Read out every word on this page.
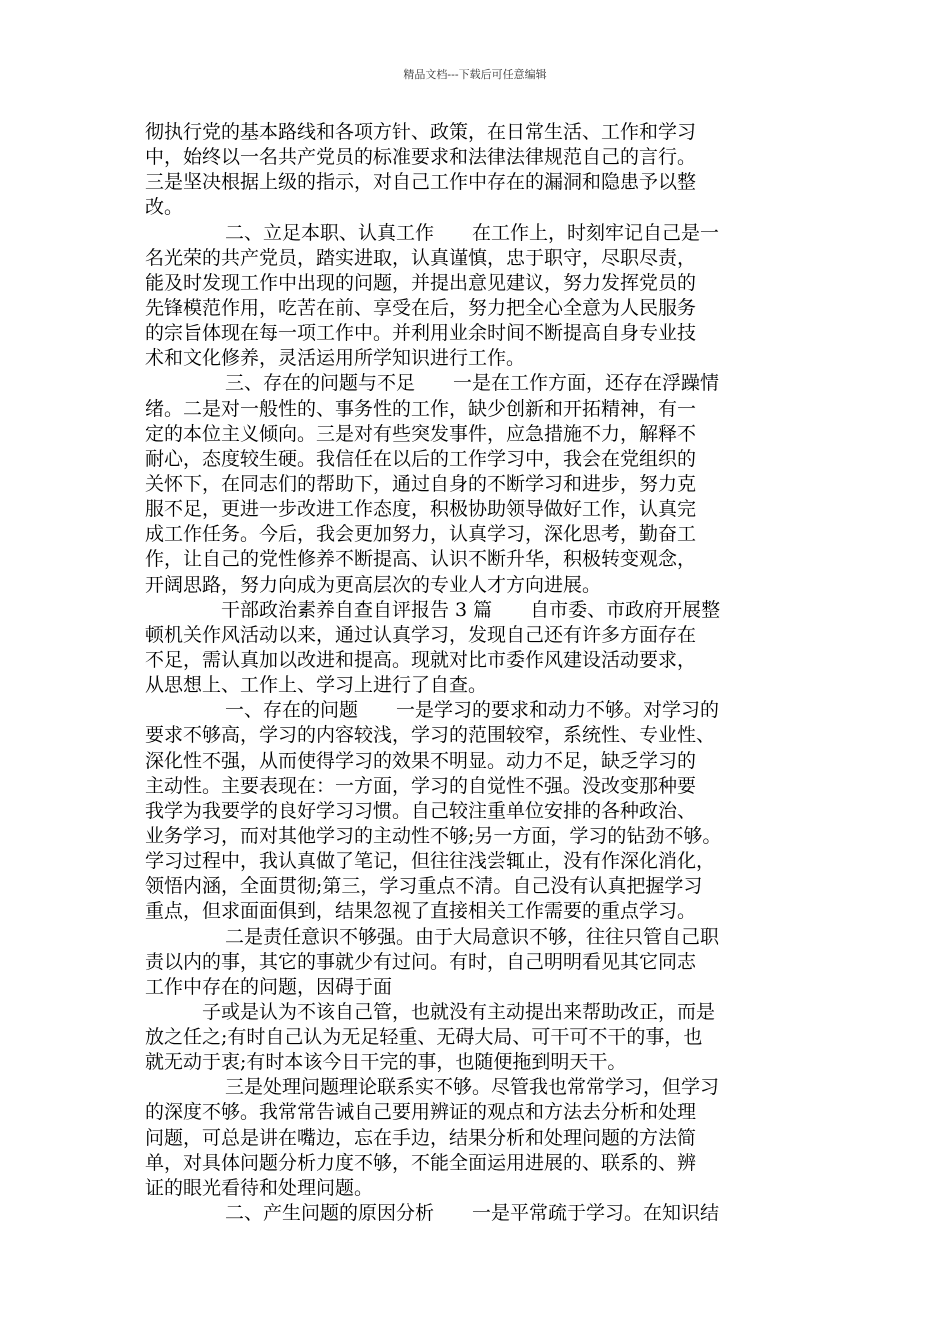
精品文档---下载后可任意编辑
彻执行党的基本路线和各项方针、政策，在日常生活、工作和学习
中，始终以一名共产党员的标准要求和法律法律规范自己的言行。
三是坚决根据上级的指示，对自己工作中存在的漏洞和隐患予以整
改。
二、立足本职、认真工作　　在工作上，时刻牢记自己是一
名光荣的共产党员，踏实进取，认真谨慎，忠于职守，尽职尽责，
能及时发现工作中出现的问题，并提出意见建议，努力发挥党员的
先锋模范作用，吃苦在前、享受在后，努力把全心全意为人民服务
的宗旨体现在每一项工作中。并利用业余时间不断提高自身专业技
术和文化修养，灵活运用所学知识进行工作。
三、存在的问题与不足　　一是在工作方面，还存在浮躁情
绪。二是对一般性的、事务性的工作，缺少创新和开拓精神，有一
定的本位主义倾向。三是对有些突发事件，应急措施不力，解释不
耐心，态度较生硬。我信任在以后的工作学习中，我会在党组织的
关怀下，在同志们的帮助下，通过自身的不断学习和进步，努力克
服不足，更进一步改进工作态度，积极协助领导做好工作，认真完
成工作任务。今后，我会更加努力，认真学习，深化思考，勤奋工
作，让自己的党性修养不断提高、认识不断升华，积极转变观念，
开阔思路，努力向成为更高层次的专业人才方向进展。
干部政治素养自查自评报告 3 篇　　自市委、市政府开展整
顿机关作风活动以来，通过认真学习，发现自己还有许多方面存在
不足，需认真加以改进和提高。现就对比市委作风建设活动要求，
从思想上、工作上、学习上进行了自查。
一、存在的问题　　一是学习的要求和动力不够。对学习的
要求不够高，学习的内容较浅，学习的范围较窄，系统性、专业性、
深化性不强，从而使得学习的效果不明显。动力不足，缺乏学习的
主动性。主要表现在：一方面，学习的自觉性不强。没改变那种要
我学为我要学的良好学习习惯。自己较注重单位安排的各种政治、
业务学习，而对其他学习的主动性不够;另一方面，学习的钻劲不够。
学习过程中，我认真做了笔记，但往往浅尝辄止，没有作深化消化，
领悟内涵，全面贯彻;第三，学习重点不清。自己没有认真把握学习
重点，但求面面俱到，结果忽视了直接相关工作需要的重点学习。
二是责任意识不够强。由于大局意识不够，往往只管自己职
责以内的事，其它的事就少有过问。有时，自己明明看见其它同志
工作中存在的问题，因碍于面
子或是认为不该自己管，也就没有主动提出来帮助改正，而是
放之任之;有时自己认为无足轻重、无碍大局、可干可不干的事，也
就无动于衷;有时本该今日干完的事，也随便拖到明天干。
三是处理问题理论联系实不够。尽管我也常常学习，但学习
的深度不够。我常常告诫自己要用辨证的观点和方法去分析和处理
问题，可总是讲在嘴边，忘在手边，结果分析和处理问题的方法简
单，对具体问题分析力度不够，不能全面运用进展的、联系的、辨
证的眼光看待和处理问题。
二、产生问题的原因分析　　一是平常疏于学习。在知识结
